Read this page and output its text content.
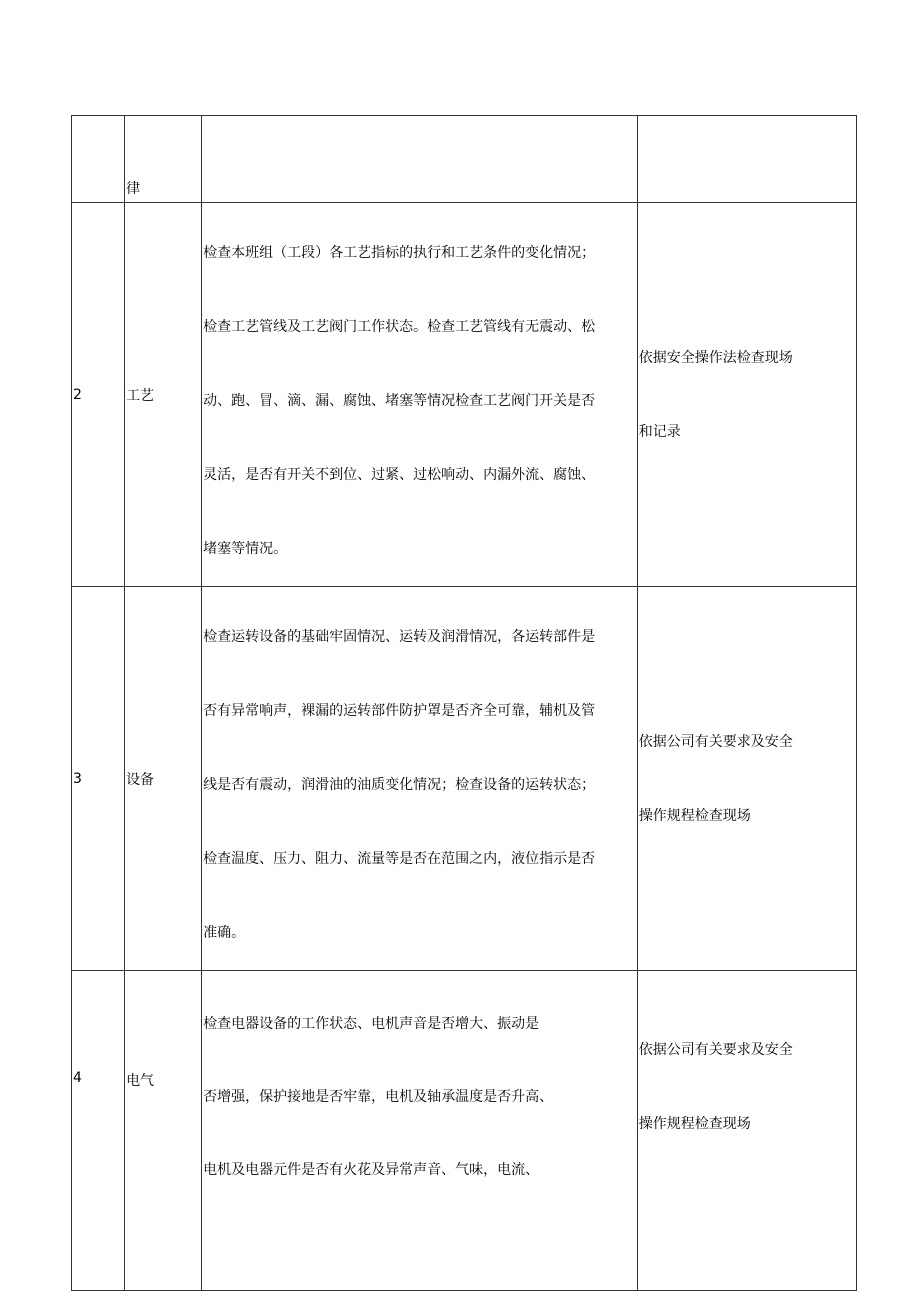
	律		
2	工艺	检查本班组（工段）各工艺指标的执行和工艺条件的变化情况；
检查工艺管线及工艺阀门工作状态。检查工艺管线有无震动、松
动、跑、冒、滴、漏、腐蚀、堵塞等情况检查工艺阀门开关是否
灵活，是否有开关不到位、过紧、过松响动、内漏外流、腐蚀、
堵塞等情况。	依据安全操作法检查现场
和记录

3	设备	检查运转设备的基础牢固情况、运转及润滑情况，各运转部件是
否有异常响声，裸漏的运转部件防护罩是否齐全可靠，辅机及管
线是否有震动，润滑油的油质变化情况；检查设备的运转状态；
检查温度、压力、阻力、流量等是否在范围之内，液位指示是否
准确。	依据公司有关要求及安全
操作规程检查现场

4	电气	检查电器设备的工作状态、电机声音是否增大、振动是
否增强，保护接地是否牢靠，电机及轴承温度是否升高、
电机及电器元件是否有火花及异常声音、气味，电流、	依据公司有关要求及安全
操作规程检查现场
